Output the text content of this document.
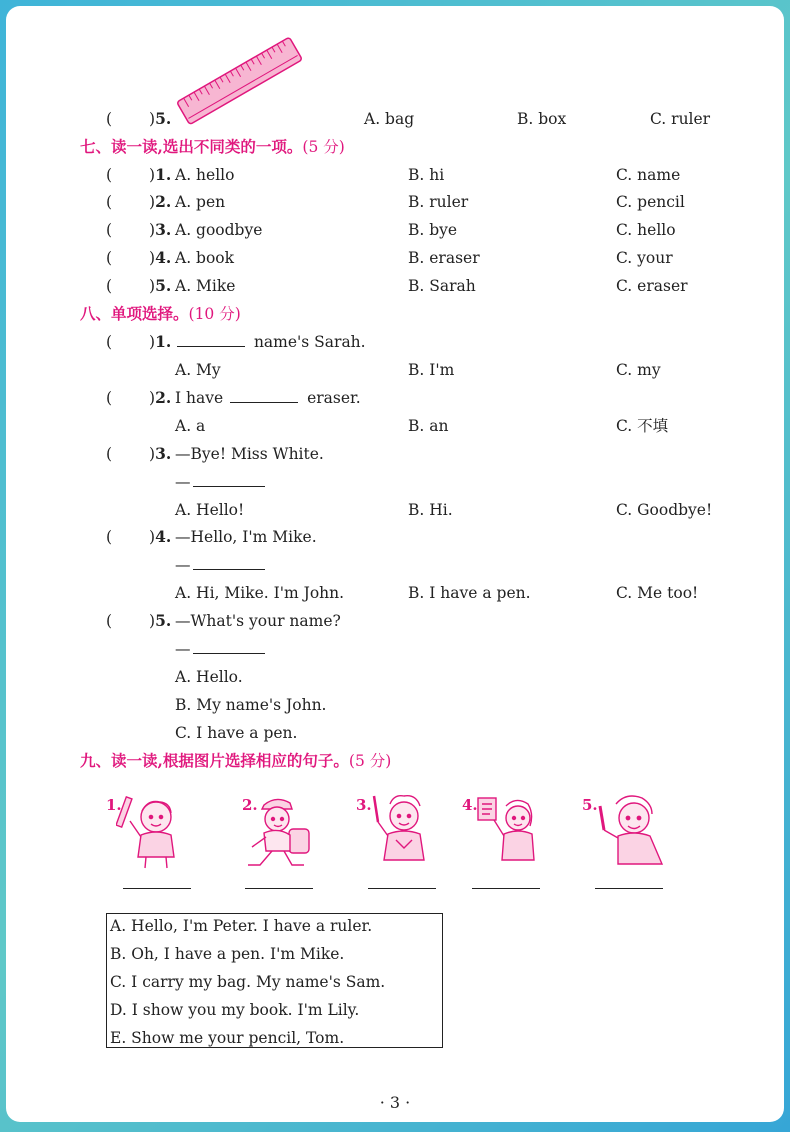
( )5.	A. bag	B. box	C. ruler
七、读一读,选出不同类的一项。(5 分)
( )1. A. hello	B. hi	C. name
( )2. A. pen	B. ruler	C. pencil
( )3. A. goodbye	B. bye	C. hello
( )4. A. book	B. eraser	C. your
( )5. A. Mike	B. Sarah	C. eraser
八、单项选择。(10 分)
( )1.	name's Sarah.
A. My	B. I'm	C. my
( )2. I have	eraser.
A. a	B. an	C. 不填
( )3. —Bye! Miss White.
—
A. Hello!	B. Hi.	C. Goodbye!
( )4. —Hello, I'm Mike.
—
A. Hi, Mike. I'm John.	B. I have a pen.	C. Me too!
( )5. —What's your name?
—
A. Hello.
B. My name's John.
C. I have a pen.
九、读一读,根据图片选择相应的句子。(5 分)
1.	2.	3.	4.	5.
A. Hello, I'm Peter. I have a ruler.
B. Oh, I have a pen. I'm Mike.
C. I carry my bag. My name's Sam.
D. I show you my book. I'm Lily.
E. Show me your pencil, Tom.
· 3 ·
